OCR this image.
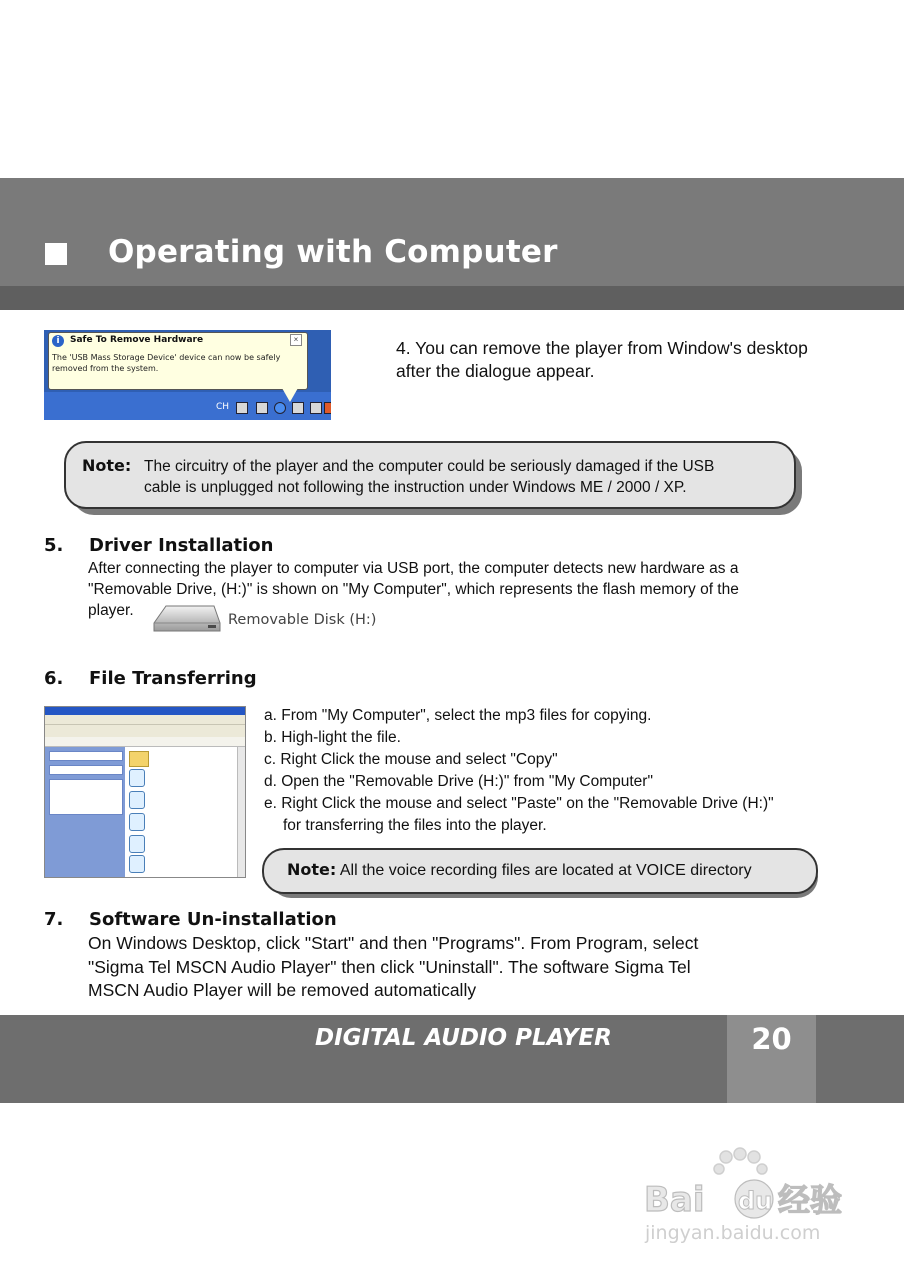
Operating with Computer
i	Safe To Remove Hardware	×
The 'USB Mass Storage Device' device can now be safely removed from the system.
CH
4. You can remove the player from Window's desktop after the dialogue appear.
Note: The circuitry of the player and the computer could be seriously damaged if the USB
cable is unplugged not following the instruction under Windows ME / 2000 / XP.
5. Driver Installation
After connecting the player to computer via USB port, the computer detects new hardware as a
"Removable Drive, (H:)" is shown on "My Computer", which represents the flash memory of the
player.
Removable Disk (H:)
6. File Transferring
a. From "My Computer", select the mp3 files for copying.
b. High-light the file.
c. Right Click the mouse and select "Copy"
d. Open the "Removable Drive (H:)" from "My Computer"
e. Right Click the mouse and select "Paste" on the "Removable Drive (H:)"
for transferring the files into the player.
Note: All the voice recording files are located at VOICE directory
7. Software Un-installation
On Windows Desktop, click "Start" and then "Programs". From Program, select
"Sigma Tel MSCN Audio Player" then click "Uninstall". The software Sigma Tel
MSCN Audio Player will be removed automatically
DIGITAL AUDIO PLAYER	20
Bai du 经验
jingyan.baidu.com
